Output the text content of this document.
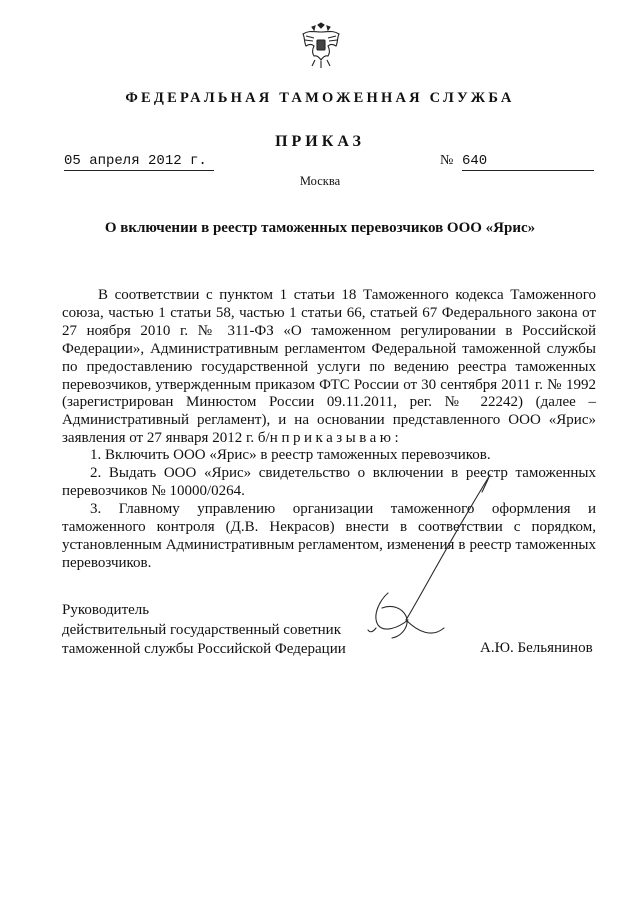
ФЕДЕРАЛЬНАЯ ТАМОЖЕННАЯ СЛУЖБА
ПРИКАЗ
05 апреля 2012 г.	№ 640
Москва
О включении в реестр таможенных перевозчиков ООО «Ярис»

В соответствии с пунктом 1 статьи 18 Таможенного кодекса Таможенного союза, частью 1 статьи 58, частью 1 статьи 66, статьей 67 Федерального закона от 27 ноября 2010 г. № 311-ФЗ «О таможенном регулировании в Российской Федерации», Административным регламентом Федеральной таможенной службы по предоставлению государственной услуги по ведению реестра таможенных перевозчиков, утвержденным приказом ФТС России от 30 сентября 2011 г. № 1992 (зарегистрирован Минюстом России 09.11.2011, рег. № 22242) (далее – Административный регламент), и на основании представленного ООО «Ярис» заявления от 27 января 2012 г. б/н приказываю:

1. Включить ООО «Ярис» в реестр таможенных перевозчиков.

2. Выдать ООО «Ярис» свидетельство о включении в реестр таможенных перевозчиков № 10000/0264.

3. Главному управлению организации таможенного оформления и таможенного контроля (Д.В. Некрасов) внести в соответствии с порядком, установленным Административным регламентом, изменения в реестр таможенных перевозчиков.

Руководитель
действительный государственный советник
таможенной службы Российской Федерации	А.Ю. Бельянинов
